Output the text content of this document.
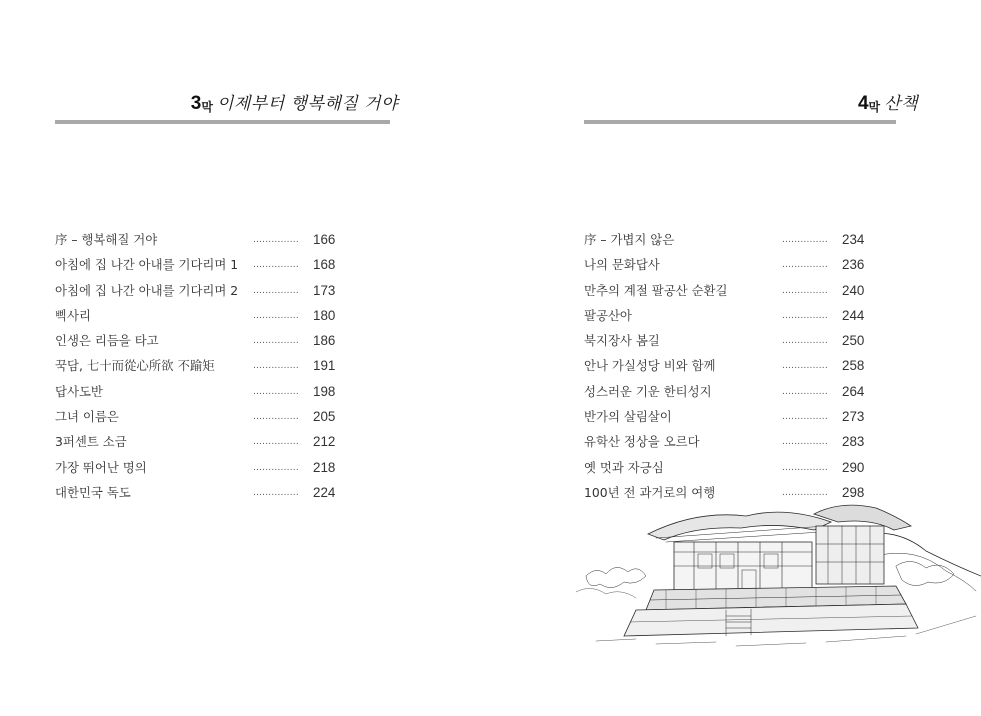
3 막 이제부터 행복해질 거야	4 막 산책
序 – 행복해질 거야	...............	166
아침에 집 나간 아내를 기다리며 1 ...............	168
아침에 집 나간 아내를 기다리며 2 ...............	173
삑사리	...............	180
인생은 리듬을 타고	...............	186
꾹담, 七十而從心所欲 不踰矩	...............	191
답사도반	...............	198
그녀 이름은	...............	205
3퍼센트 소금	...............	212
가장 뛰어난 명의	...............	218
대한민국 독도	...............	224
序 – 가볍지 않은	...............	234
나의 문화답사	...............	236
만추의 계절 팔공산 순환길	...............	240
팔공산아	...............	244
북지장사 봄길	...............	250
안나 가실성당 비와 함께	...............	258
성스러운 기운 한티성지	...............	264
반가의 살림살이	...............	273
유학산 정상을 오르다	...............	283
옛 멋과 자긍심	...............	290
100년 전 과거로의 여행	...............	298
